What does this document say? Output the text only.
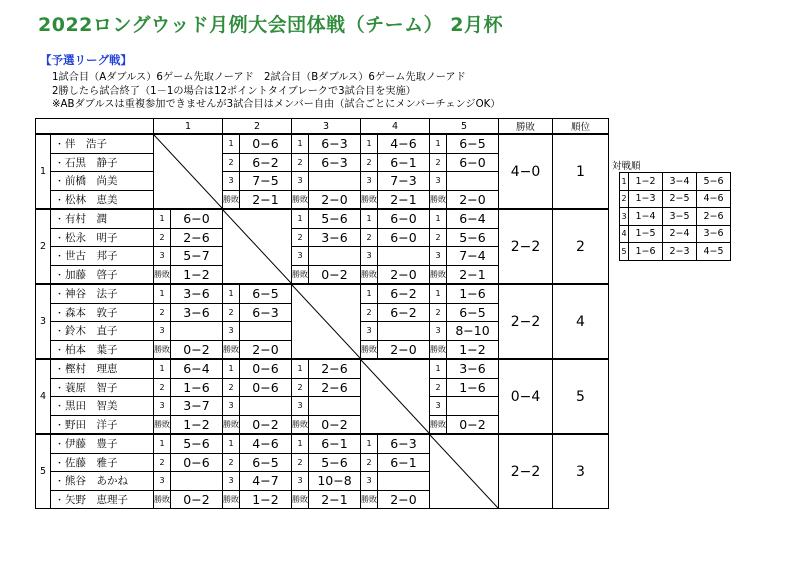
2022ロングウッド月例大会団体戦（チーム） 2月杯
【予選リーグ戦】
1試合目（Aダブルス）6ゲーム先取ノーアド　2試合目（Bダブルス）6ゲーム先取ノーアド
2勝したら試合終了（1－1の場合は12ポイントタイブレークで3試合目を実施）
※ABダブルスは重複参加できませんが3試合目はメンバー自由（試合ごとにメンバーチェンジOK）
		1		2		3		4		5		勝敗	順位
1	・伴　浩子			1	0−6	1	6−3	1	4−6	1	6−5	4−0	1
	・石黒　静子			2	6−2	2	6−3	2	6−1	2	6−0		
	・前橋　尚美			3	7−5	3		3	7−3	3			
	・松林　恵美			勝敗	2−1	勝敗	2−0	勝敗	2−1	勝敗	2−0		
2	・有村　潤	1	6−0			1	5−6	1	6−0	1	6−4	2−2	2
	・松永　明子	2	2−6			2	3−6	2	6−0	2	5−6		
	・世古　邦子	3	5−7			3		3		3	7−4		
	・加藤　啓子	勝敗	1−2			勝敗	0−2	勝敗	2−0	勝敗	2−1		
3	・神谷　法子	1	3−6	1	6−5			1	6−2	1	1−6	2−2	4
	・森本　敦子	2	3−6	2	6−3			2	6−2	2	6−5		
	・鈴木　直子	3		3				3		3	8−10		
	・柏本　葉子	勝敗	0−2	勝敗	2−0			勝敗	2−0	勝敗	1−2		
4	・樫村　理恵	1	6−4	1	0−6	1	2−6			1	3−6	0−4	5
	・蓑原　智子	2	1−6	2	0−6	2	2−6			2	1−6		
	・黒田　智美	3	3−7	3		3				3			
	・野田　洋子	勝敗	1−2	勝敗	0−2	勝敗	0−2			勝敗	0−2		
5	・伊藤　豊子	1	5−6	1	4−6	1	6−1	1	6−3			2−2	3
	・佐藤　雅子	2	0−6	2	6−5	2	5−6	2	6−1				
	・熊谷　あかね	3		3	4−7	3	10−8	3					
	・矢野　恵理子	勝敗	0−2	勝敗	1−2	勝敗	2−1	勝敗	2−0				
対戦順
1	1−2	3−4	5−6
2	1−3	2−5	4−6
3	1−4	3−5	2−6
4	1−5	2−4	3−6
5	1−6	2−3	4−5
